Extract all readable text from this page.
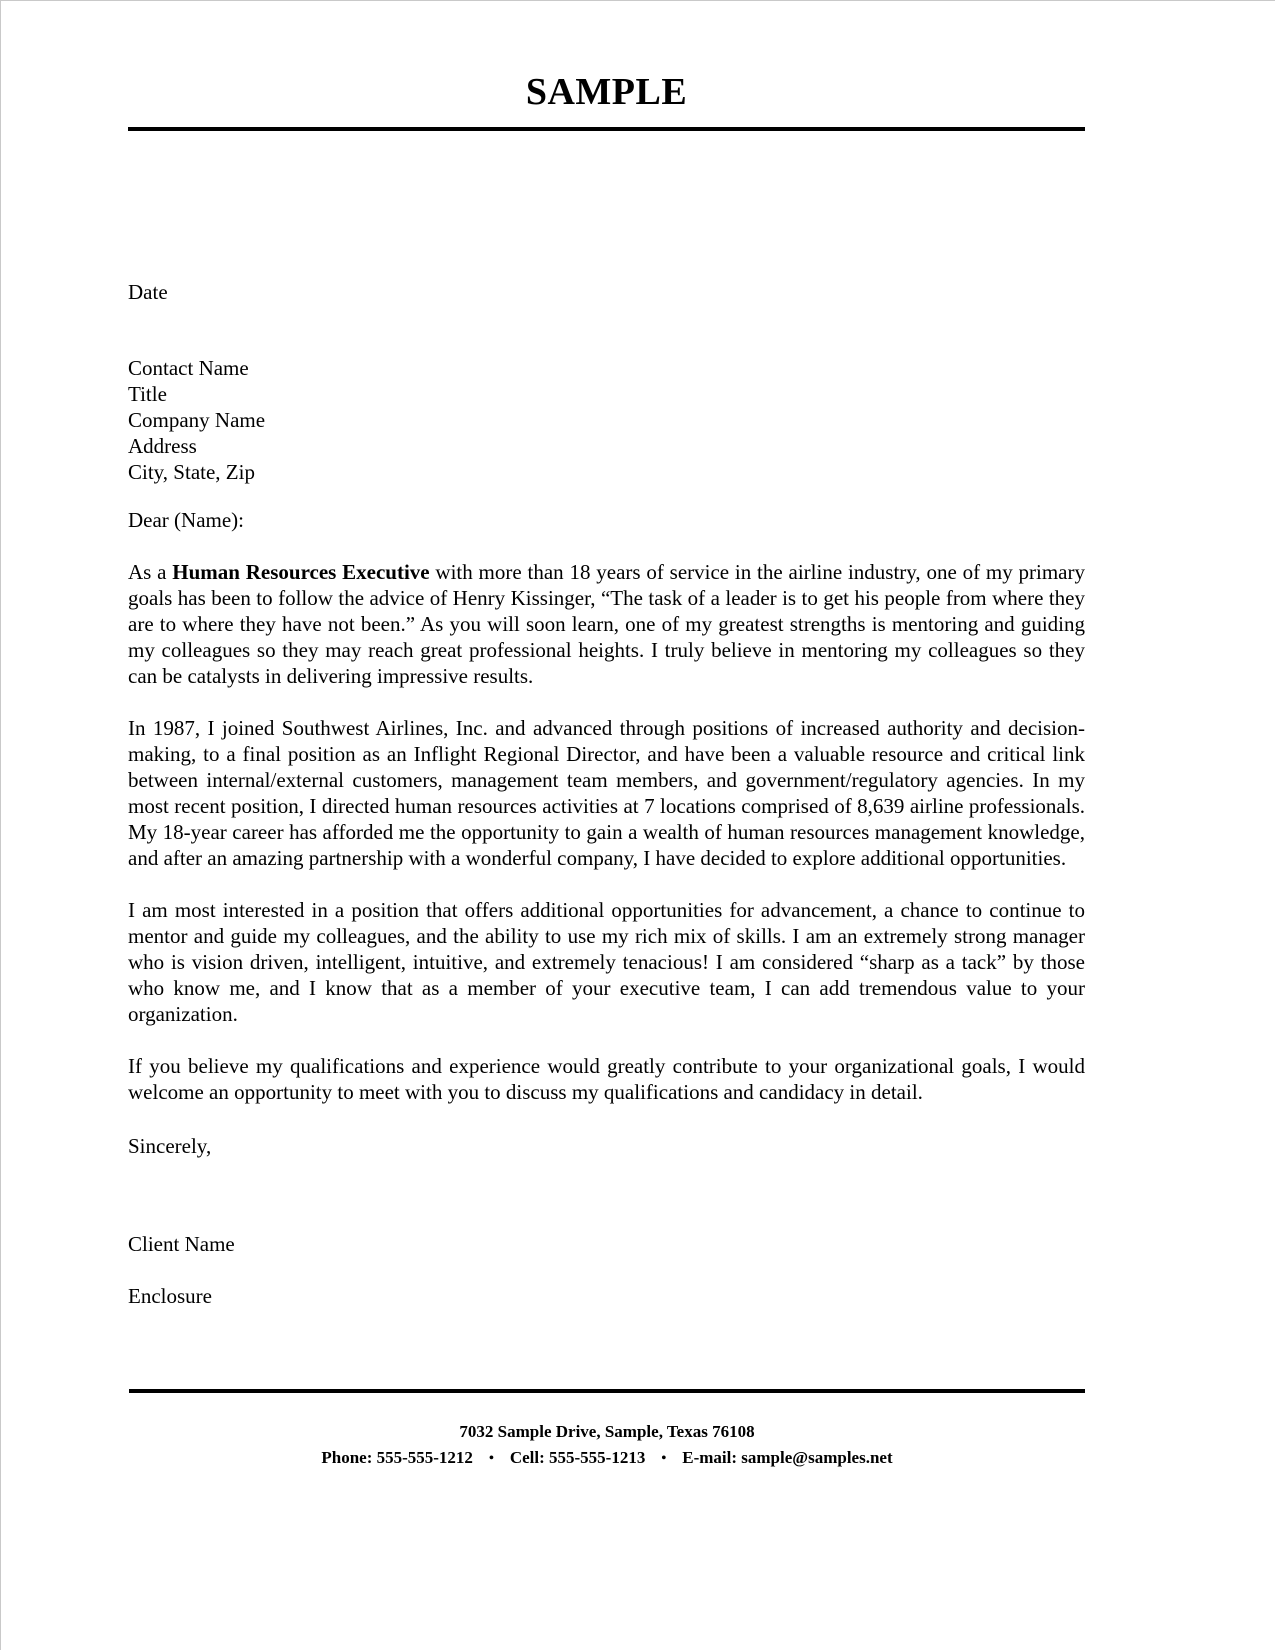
SAMPLE

Date

Contact Name

Title

Company Name

Address

City, State, Zip

Dear (Name):

As a Human Resources Executive with more than 18 years of service in the airline industry, one of my primary goals has been to follow the advice of Henry Kissinger, “The task of a leader is to get his people from where they are to where they have not been.” As you will soon learn, one of my greatest strengths is mentoring and guiding my colleagues so they may reach great professional heights. I truly believe in mentoring my colleagues so they can be catalysts in delivering impressive results.

In 1987, I joined Southwest Airlines, Inc. and advanced through positions of increased authority and decision-making, to a final position as an Inflight Regional Director, and have been a valuable resource and critical link between internal/external customers, management team members, and government/regulatory agencies. In my most recent position, I directed human resources activities at 7 locations comprised of 8,639 airline professionals. My 18-year career has afforded me the opportunity to gain a wealth of human resources management knowledge, and after an amazing partnership with a wonderful company, I have decided to explore additional opportunities.

I am most interested in a position that offers additional opportunities for advancement, a chance to continue to mentor and guide my colleagues, and the ability to use my rich mix of skills. I am an extremely strong manager who is vision driven, intelligent, intuitive, and extremely tenacious! I am considered “sharp as a tack” by those who know me, and I know that as a member of your executive team, I can add tremendous value to your organization.

If you believe my qualifications and experience would greatly contribute to your organizational goals, I would welcome an opportunity to meet with you to discuss my qualifications and candidacy in detail.

Sincerely,

Client Name

Enclosure

7032 Sample Drive, Sample, Texas 76108

Phone: 555-555-1212 • Cell: 555-555-1213 • E-mail: sample@samples.net
